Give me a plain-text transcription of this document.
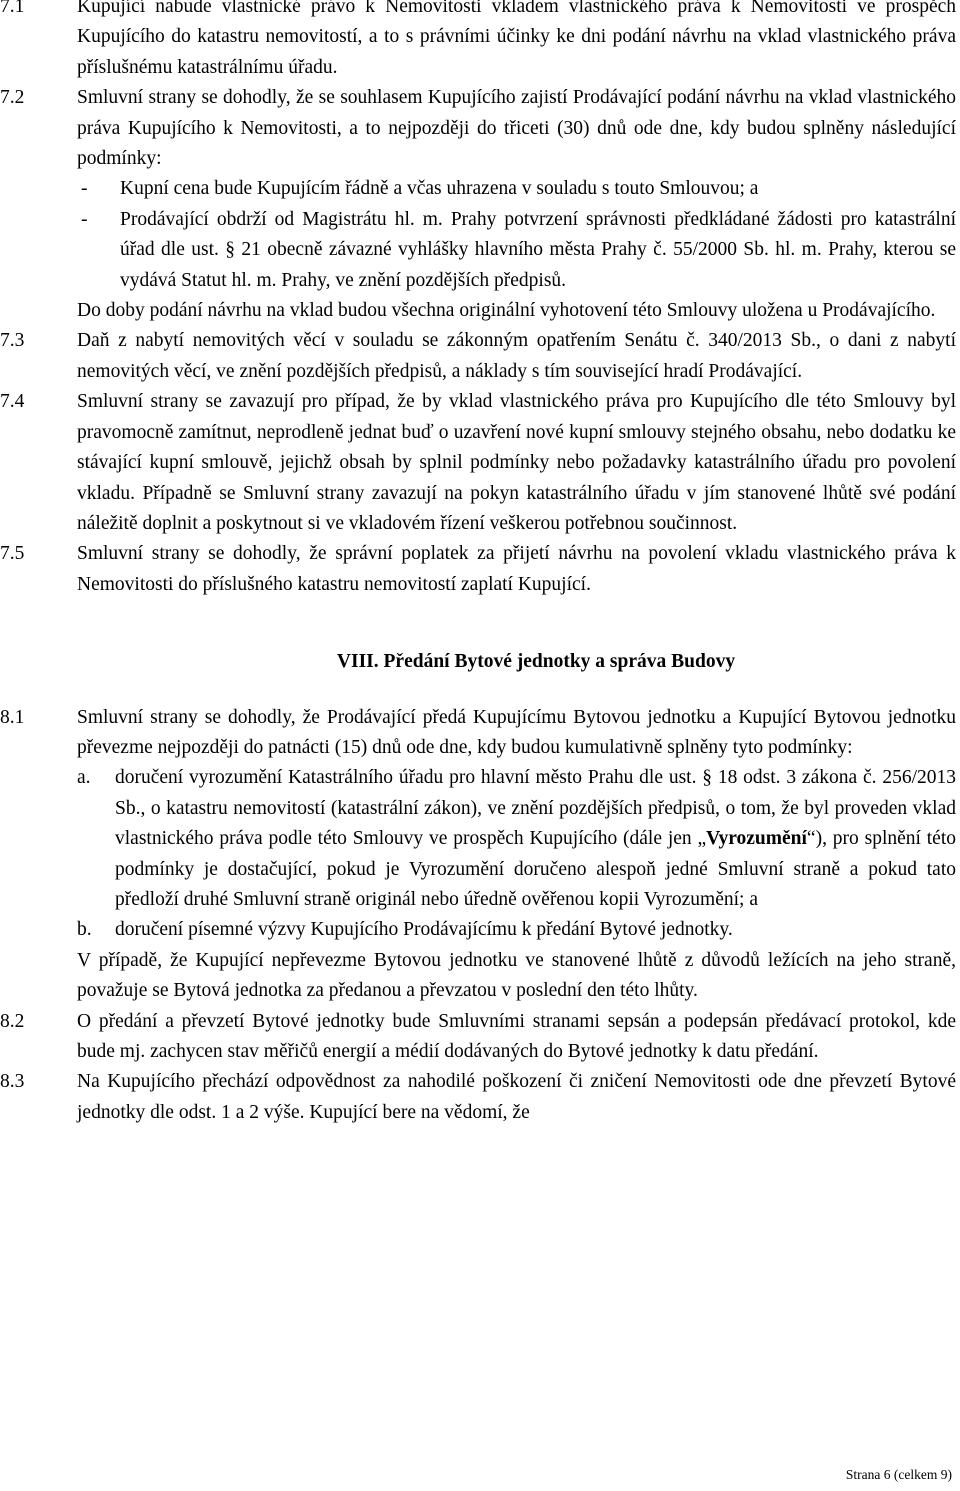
7.1	Kupující nabude vlastnické právo k Nemovitosti vkladem vlastnického práva k Nemovitosti ve prospěch Kupujícího do katastru nemovitostí, a to s právními účinky ke dni podání návrhu na vklad vlastnického práva příslušnému katastrálnímu úřadu.

7.2	Smluvní strany se dohodly, že se souhlasem Kupujícího zajistí Prodávající podání návrhu na vklad vlastnického práva Kupujícího k Nemovitosti, a to nejpozději do třiceti (30) dnů ode dne, kdy budou splněny následující podmínky:

- Kupní cena bude Kupujícím řádně a včas uhrazena v souladu s touto Smlouvou; a
- Prodávající obdrží od Magistrátu hl. m. Prahy potvrzení správnosti předkládané žádosti pro katastrální úřad dle ust. § 21 obecně závazné vyhlášky hlavního města Prahy č. 55/2000 Sb. hl. m. Prahy, kterou se vydává Statut hl. m. Prahy, ve znění pozdějších předpisů.

Do doby podání návrhu na vklad budou všechna originální vyhotovení této Smlouvy uložena u Prodávajícího.

7.3	Daň z nabytí nemovitých věcí v souladu se zákonným opatřením Senátu č. 340/2013 Sb., o dani z nabytí nemovitých věcí, ve znění pozdějších předpisů, a náklady s tím související hradí Prodávající.

7.4	Smluvní strany se zavazují pro případ, že by vklad vlastnického práva pro Kupujícího dle této Smlouvy byl pravomocně zamítnut, neprodleně jednat buď o uzavření nové kupní smlouvy stejného obsahu, nebo dodatku ke stávající kupní smlouvě, jejichž obsah by splnil podmínky nebo požadavky katastrálního úřadu pro povolení vkladu. Případně se Smluvní strany zavazují na pokyn katastrálního úřadu v jím stanovené lhůtě své podání náležitě doplnit a poskytnout si ve vkladovém řízení veškerou potřebnou součinnost.

7.5	Smluvní strany se dohodly, že správní poplatek za přijetí návrhu na povolení vkladu vlastnického práva k Nemovitosti do příslušného katastru nemovitostí zaplatí Kupující.

VIII. Předání Bytové jednotky a správa Budovy
8.1	Smluvní strany se dohodly, že Prodávající předá Kupujícímu Bytovou jednotku a Kupující Bytovou jednotku převezme nejpozději do patnácti (15) dnů ode dne, kdy budou kumulativně splněny tyto podmínky:

a. doručení vyrozumění Katastrálního úřadu pro hlavní město Prahu dle ust. § 18 odst. 3 zákona č. 256/2013 Sb., o katastru nemovitostí (katastrální zákon), ve znění pozdějších předpisů, o tom, že byl proveden vklad vlastnického práva podle této Smlouvy ve prospěch Kupujícího (dále jen „Vyrozumění“), pro splnění této podmínky je dostačující, pokud je Vyrozumění doručeno alespoň jedné Smluvní straně a pokud tato předloží druhé Smluvní straně originál nebo úředně ověřenou kopii Vyrozumění; a
b. doručení písemné výzvy Kupujícího Prodávajícímu k předání Bytové jednotky.

V případě, že Kupující nepřevezme Bytovou jednotku ve stanovené lhůtě z důvodů ležících na jeho straně, považuje se Bytová jednotka za předanou a převzatou v poslední den této lhůty.

8.2	O předání a převzetí Bytové jednotky bude Smluvními stranami sepsán a podepsán předávací protokol, kde bude mj. zachycen stav měřičů energií a médií dodávaných do Bytové jednotky k datu předání.

8.3	Na Kupujícího přechází odpovědnost za nahodilé poškození či zničení Nemovitosti ode dne převzetí Bytové jednotky dle odst. 1 a 2 výše. Kupující bere na vědomí, že

Strana 6 (celkem 9)
